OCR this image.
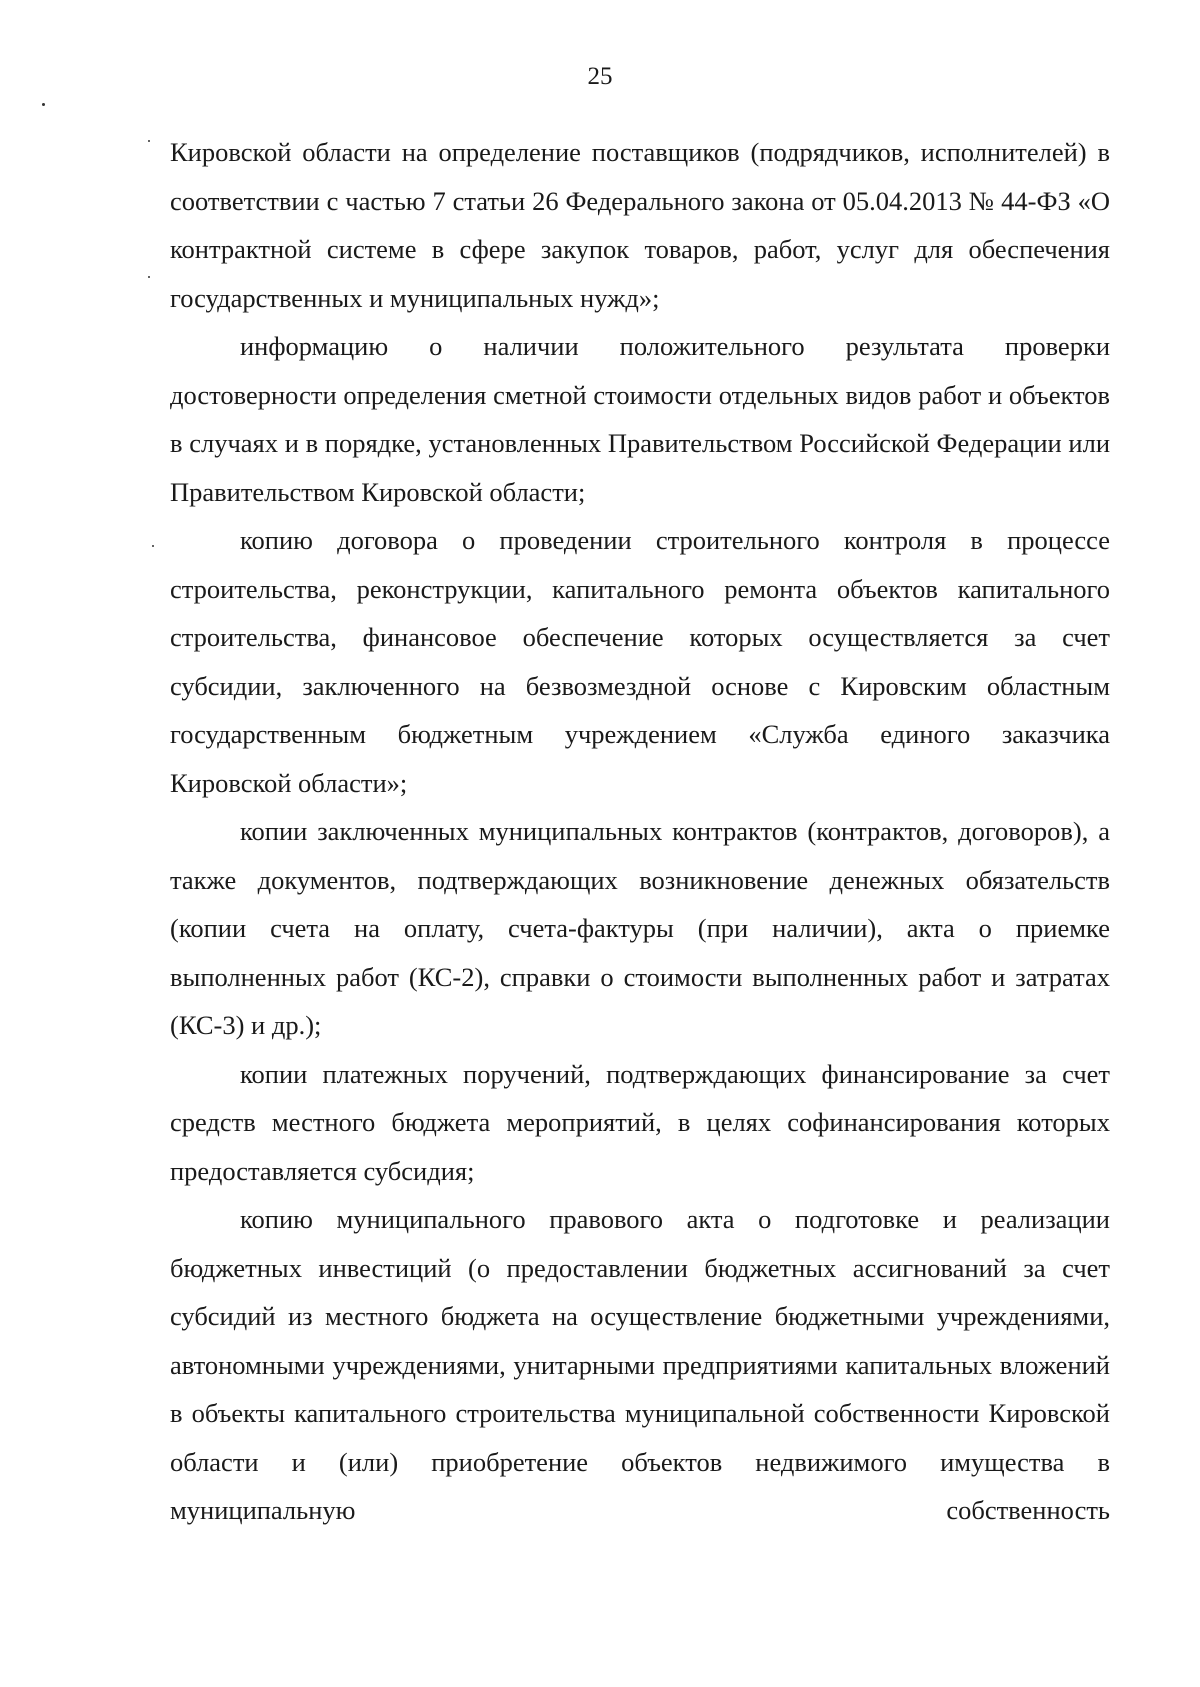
25

Кировской области на определение поставщиков (подрядчиков, исполнителей) в соответствии с частью 7 статьи 26 Федерального закона от 05.04.2013 № 44-ФЗ «О контрактной системе в сфере закупок товаров, работ, услуг для обеспечения государственных и муниципальных нужд»;

информацию о наличии положительного результата проверки достоверности определения сметной стоимости отдельных видов работ и объектов в случаях и в порядке, установленных Правительством Российской Федерации или Правительством Кировской области;

копию договора о проведении строительного контроля в процессе строительства, реконструкции, капитального ремонта объектов капитального строительства, финансовое обеспечение которых осуществляется за счет субсидии, заключенного на безвозмездной основе с Кировским областным государственным бюджетным учреждением «Служба единого заказчика Кировской области»;

копии заключенных муниципальных контрактов (контрактов, договоров), а также документов, подтверждающих возникновение денежных обязательств (копии счета на оплату, счета-фактуры (при наличии), акта о приемке выполненных работ (КС-2), справки о стоимости выполненных работ и затратах (КС-3) и др.);

копии платежных поручений, подтверждающих финансирование за счет средств местного бюджета мероприятий, в целях софинансирования которых предоставляется субсидия;

копию муниципального правового акта о подготовке и реализации бюджетных инвестиций (о предоставлении бюджетных ассигнований за счет субсидий из местного бюджета на осуществление бюджетными учреждениями, автономными учреждениями, унитарными предприятиями капитальных вложений в объекты капитального строительства муниципальной собственности Кировской области и (или) приобретение объектов недвижимого имущества в муниципальную собственность
